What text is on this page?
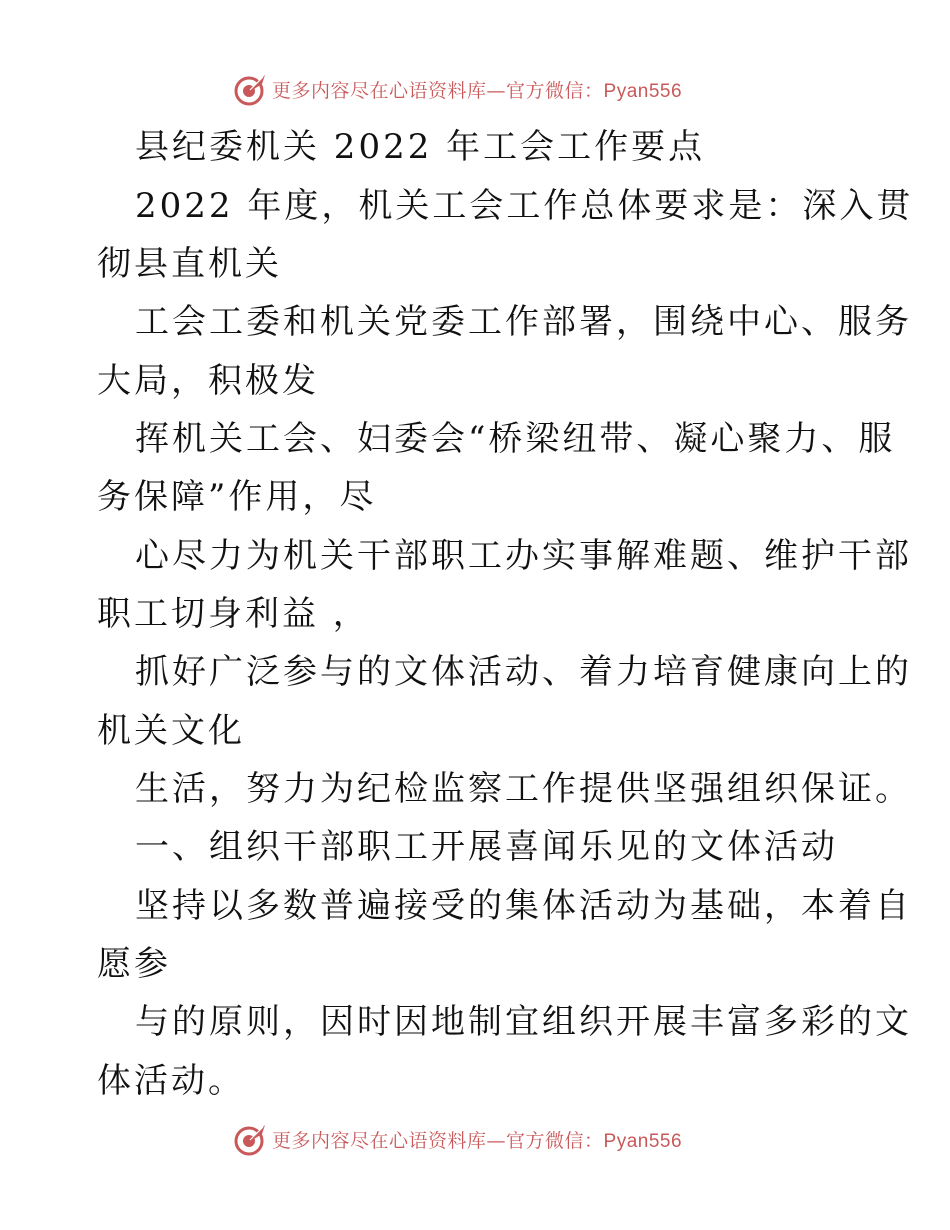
更多内容尽在心语资料库—官方微信：Pyan556
县纪委机关 2022 年工会工作要点
2022 年度，机关工会工作总体要求是：深入贯
彻县直机关
工会工委和机关党委工作部署，围绕中心、服务
大局，积极发
挥机关工会、妇委会“桥梁纽带、凝心聚力、服
务保障”作用，尽
心尽力为机关干部职工办实事解难题、维护干部
职工切身利益 ，
抓好广泛参与的文体活动、着力培育健康向上的
机关文化
生活，努力为纪检监察工作提供坚强组织保证。
一、组织干部职工开展喜闻乐见的文体活动
坚持以多数普遍接受的集体活动为基础，本着自
愿参
与的原则，因时因地制宜组织开展丰富多彩的文
体活动。
更多内容尽在心语资料库—官方微信：Pyan556
